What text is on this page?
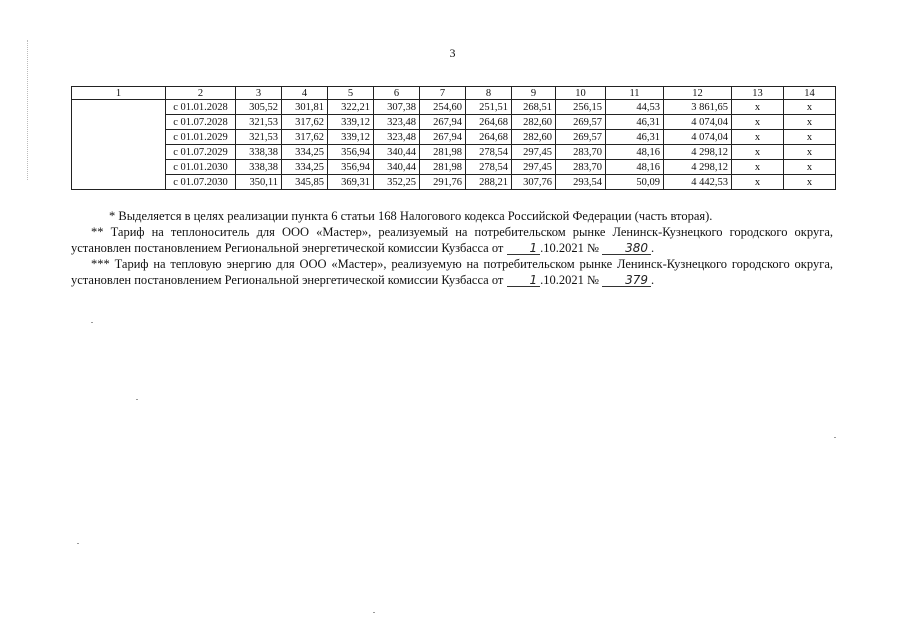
3
1	2	3	4	5	6	7	8	9	10	11	12	13	14
	с 01.01.2028	305,52	301,81	322,21	307,38	254,60	251,51	268,51	256,15	44,53	3 861,65	x	x
	с 01.07.2028	321,53	317,62	339,12	323,48	267,94	264,68	282,60	269,57	46,31	4 074,04	x	x
	с 01.01.2029	321,53	317,62	339,12	323,48	267,94	264,68	282,60	269,57	46,31	4 074,04	x	x
	с 01.07.2029	338,38	334,25	356,94	340,44	281,98	278,54	297,45	283,70	48,16	4 298,12	x	x
	с 01.01.2030	338,38	334,25	356,94	340,44	281,98	278,54	297,45	283,70	48,16	4 298,12	x	x
	с 01.07.2030	350,11	345,85	369,31	352,25	291,76	288,21	307,76	293,54	50,09	4 442,53	x	x

* Выделяется в целях реализации пункта 6 статьи 168 Налогового кодекса Российской Федерации (часть вторая).

** Тариф на теплоноситель для ООО «Мастер», реализуемый на потребительском рынке Ленинск-Кузнецкого городского округа, установлен постановлением Региональной энергетической комиссии Кузбасса от 1 .10.2021 № 380 .

*** Тариф на тепловую энергию для ООО «Мастер», реализуемую на потребительском рынке Ленинск-Кузнецкого городского округа, установлен постановлением Региональной энергетической комиссии Кузбасса от 1 .10.2021 № 379 .
